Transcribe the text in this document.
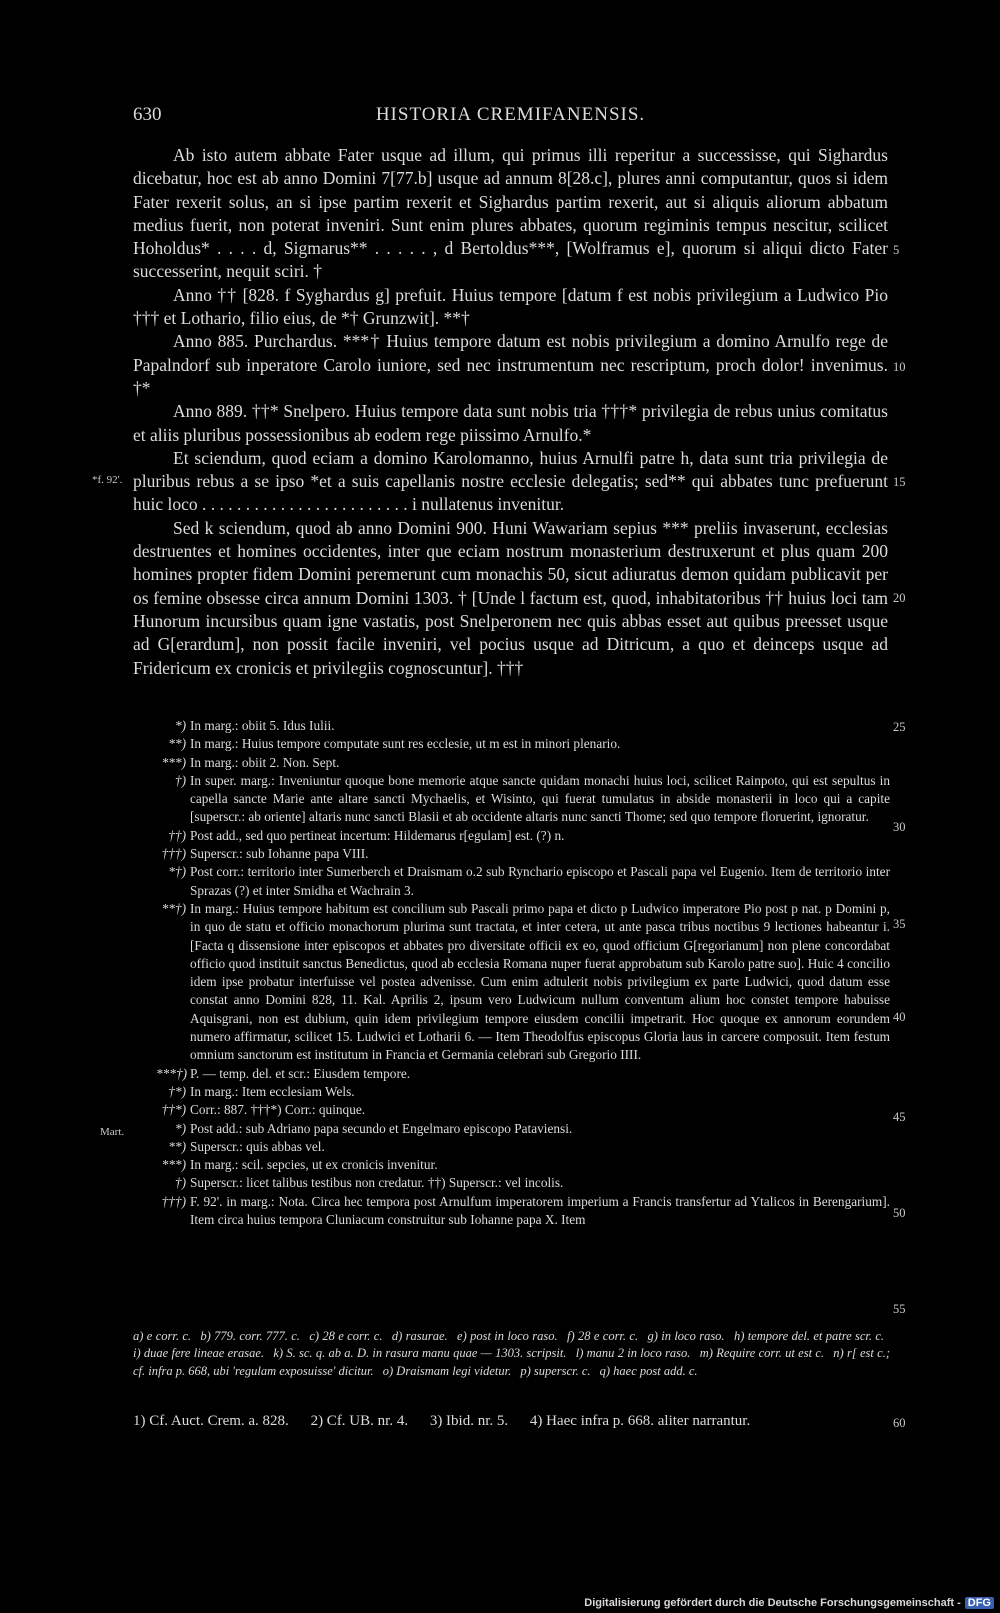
630	HISTORIA CREMIFANENSIS.

Ab isto autem abbate Fater usque ad illum, qui primus illi reperitur a successisse, qui Sighardus dicebatur, hoc est ab anno Domini 7[77.b] usque ad annum 8[28.c], plures anni computantur, quos si idem Fater rexerit solus, an si ipse partim rexerit et Sighardus partim rexerit, aut si aliquis aliorum abbatum medius fuerit, non poterat inveniri. Sunt enim plures abbates, quorum regiminis tempus nescitur, scilicet Hoholdus* . . . . d, Sigmarus** . . . . . , d Bertoldus***, [Wolframus e], quorum si aliqui dicto Fater successerint, nequit sciri. †

Anno †† [828. f Syghardus g] prefuit. Huius tempore [datum f est nobis privilegium a Ludwico Pio ††† et Lothario, filio eius, de *† Grunzwit]. **†

Anno 885. Purchardus. ***† Huius tempore datum est nobis privilegium a domino Arnulfo rege de Papalndorf sub inperatore Carolo iuniore, sed nec instrumentum nec rescriptum, proch dolor! invenimus. †*

Anno 889. ††* Snelpero. Huius tempore data sunt nobis tria †††* privilegia de rebus unius comitatus et aliis pluribus possessionibus ab eodem rege piissimo Arnulfo.*

Et sciendum, quod eciam a domino Karolomanno, huius Arnulfi patre h, data sunt tria privilegia de pluribus rebus a se ipso *et a suis capellanis nostre ecclesie delegatis; sed** qui abbates tunc prefuerunt huic loco . . . . . . . . . . . . . . . . . . . . . . . . i nullatenus invenitur.

Sed k sciendum, quod ab anno Domini 900. Huni Wawariam sepius *** preliis invaserunt, ecclesias destruentes et homines occidentes, inter que eciam nostrum monasterium destruxerunt et plus quam 200 homines propter fidem Domini peremerunt cum monachis 50, sicut adiuratus demon quidam publicavit per os femine obsesse circa annum Domini 1303. † [Unde l factum est, quod, inhabitatoribus †† huius loci tam Hunorum incursibus quam igne vastatis, post Snelperonem nec quis abbas esset aut quibus preesset usque ad G[erardum], non possit facile inveniri, vel pocius usque ad Ditricum, a quo et deinceps usque ad Fridericum ex cronicis et privilegiis cognoscuntur]. †††

*f. 92'.
Mart.
*) In marg.: obiit 5. Idus Iulii.
**) In marg.: Huius tempore computate sunt res ecclesie, ut m est in minori plenario.
***) In marg.: obiit 2. Non. Sept.
†) In super. marg.: Inveniuntur quoque bone memorie atque sancte quidam monachi huius loci, scilicet Rainpoto, qui est sepultus in capella sancte Marie ante altare sancti Mychaelis, et Wisinto, qui fuerat tumulatus in abside monasterii in loco qui a capite [superscr.: ab oriente] altaris nunc sancti Blasii et ab occidente altaris nunc sancti Thome; sed quo tempore floruerint, ignoratur.
††) Post add., sed quo pertineat incertum: Hildemarus r[egulam] est. (?) n.
†††) Superscr.: sub Iohanne papa VIII.
*†) Post corr.: territorio inter Sumerberch et Draismam o.2 sub Rynchario episcopo et Pascali papa vel Eugenio. Item de territorio inter Sprazas (?) et inter Smidha et Wachrain 3.
**†) In marg.: Huius tempore habitum est concilium sub Pascali primo papa et dicto p Ludwico imperatore Pio post p nat. p Domini p, in quo de statu et officio monachorum plurima sunt tractata, et inter cetera, ut ante pasca tribus noctibus 9 lectiones habeantur i. [Facta q dissensione inter episcopos et abbates pro diversitate officii ex eo, quod officium G[regorianum] non plene concordabat officio quod instituit sanctus Benedictus, quod ab ecclesia Romana nuper fuerat approbatum sub Karolo patre suo]. Huic 4 concilio idem ipse probatur interfuisse vel postea advenisse. Cum enim adtulerit nobis privilegium ex parte Ludwici, quod datum esse constat anno Domini 828, 11. Kal. Aprilis 2, ipsum vero Ludwicum nullum conventum alium hoc constet tempore habuisse Aquisgrani, non est dubium, quin idem privilegium tempore eiusdem concilii impetrarit. Hoc quoque ex annorum eorundem numero affirmatur, scilicet 15. Ludwici et Lotharii 6. — Item Theodolfus episcopus Gloria laus in carcere composuit. Item festum omnium sanctorum est institutum in Francia et Germania celebrari sub Gregorio IIII.
***†) P. — temp. del. et scr.: Eiusdem tempore.
†*) In marg.: Item ecclesiam Wels.
††*) Corr.: 887. †††*) Corr.: quinque.
*) Post add.: sub Adriano papa secundo et Engelmaro episcopo Pataviensi.
**) Superscr.: quis abbas vel.
***) In marg.: scil. sepcies, ut ex cronicis invenitur.
†) Superscr.: licet talibus testibus non credatur. ††) Superscr.: vel incolis.
†††) F. 92'. in marg.: Nota. Circa hec tempora post Arnulfum imperatorem imperium a Francis transfertur ad Ytalicos in Berengarium]. Item circa huius tempora Cluniacum construitur sub Iohanne papa X. Item
a) e corr. c. b) 779. corr. 777. c. c) 28 e corr. c. d) rasurae. e) post in loco raso. f) 28 e corr. c. g) in loco raso. h) tempore del. et patre scr. c. i) duae fere lineae erasae. k) S. sc. q. ab a. D. in rasura manu quae — 1303. scripsit. l) manu 2 in loco raso. m) Require corr. ut est c. n) r[ est c.; cf. infra p. 668, ubi 'regulam exposuisse' dicitur. o) Draismam legi videtur. p) superscr. c. q) haec post add. c.
1) Cf. Auct. Crem. a. 828. 2) Cf. UB. nr. 4. 3) Ibid. nr. 5. 4) Haec infra p. 668. aliter narrantur.
5
10
15
20
25
30
35
40
45
50
55
60
Digitalisierung gefördert durch die Deutsche Forschungsgemeinschaft - DFG
